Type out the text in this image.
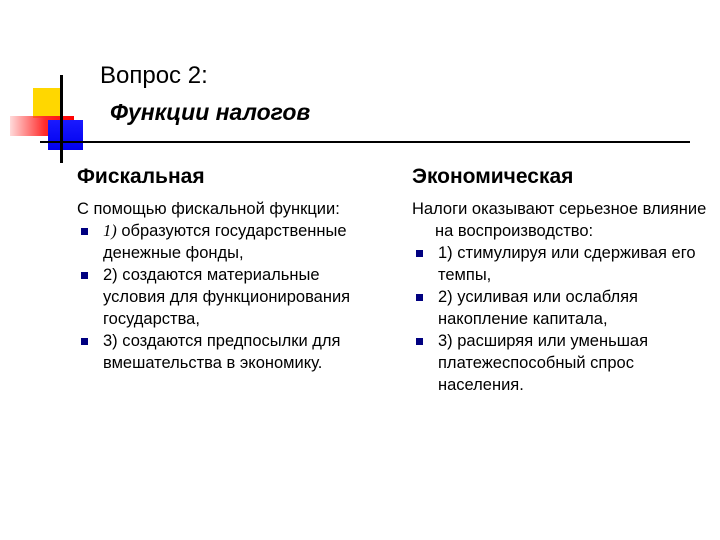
Вопрос 2:
Функции налогов
Фискальная
С помощью фискальной функции:
1) образуются государственные денежные фонды,
2) создаются материальные условия для функционирования государства,
3) создаются предпосылки для вмешательства в экономику.
Экономическая
Налоги оказывают серьезное влияние на воспроизводство:
1) стимулируя или сдерживая его темпы,
2) усиливая или ослабляя накопление капитала,
3) расширяя или уменьшая платежеспособный спрос населения.
